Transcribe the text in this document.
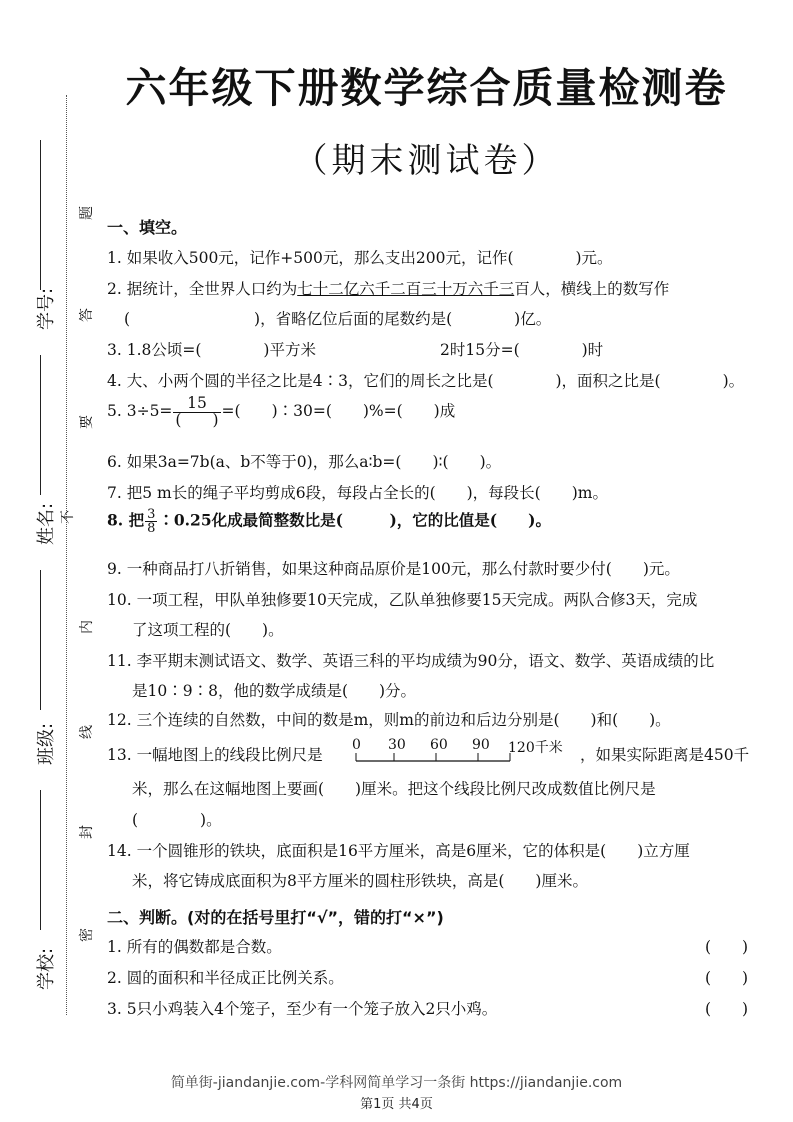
六年级下册数学综合质量检测卷
（期末测试卷）
学号:
姓名:
班级:
学校:
题
答
要
不
内
线
封
密
一、填空。
1. 如果收入500元，记作+500元，那么支出200元，记作(　　　　)元。
2. 据统计，全世界人口约为七十二亿六千二百三十万六千三百人，横线上的数写作
(　　　　　　　　)，省略亿位后面的尾数约是(　　　　)亿。
3. 1.8公顷=(　　　　)平方米	2时15分=(　　　　)时
4. 大、小两个圆的半径之比是4∶3，它们的周长之比是(　　　　)，面积之比是(　　　　)。
5. $3\div 5= \frac{15}{( )}$ =(　　)∶30=(　　)%=(　　)成
6. 如果3a=7b(a、b不等于0)，那么a∶b=(　　)∶(　　)。
7. 把5 m长的绳子平均剪成6段，每段占全长的(　　)，每段长(　　)m。
8. 把 $\frac{3}{8}$ ∶0.25化成最简整数比是(　　　)，它的比值是(　　)。
9. 一种商品打八折销售，如果这种商品原价是100元，那么付款时要少付(　　)元。
10. 一项工程，甲队单独修要10天完成，乙队单独修要15天完成。两队合修3天，完成
了这项工程的(　　)。
11. 李平期末测试语文、数学、英语三科的平均成绩为90分，语文、数学、英语成绩的比
是10∶9∶8，他的数学成绩是(　　)分。
12. 三个连续的自然数，中间的数是m，则m的前边和后边分别是(　　)和(　　)。
13. 一幅地图上的线段比例尺是
0 30 60 90 120千米 ，如果实际距离是450千
米，那么在这幅地图上要画(　　)厘米。把这个线段比例尺改成数值比例尺是
(　　　　)。
14. 一个圆锥形的铁块，底面积是16平方厘米，高是6厘米，它的体积是(　　)立方厘
米，将它铸成底面积为8平方厘米的圆柱形铁块，高是(　　)厘米。
二、判断。(对的在括号里打“√”，错的打“×”)
1. 所有的偶数都是合数。	(　　)
2. 圆的面积和半径成正比例关系。	(　　)
3. 5只小鸡装入4个笼子，至少有一个笼子放入2只小鸡。	(　　)
简单街-jiandanjie.com-学科网简单学习一条街 https://jiandanjie.com
第1页 共4页
